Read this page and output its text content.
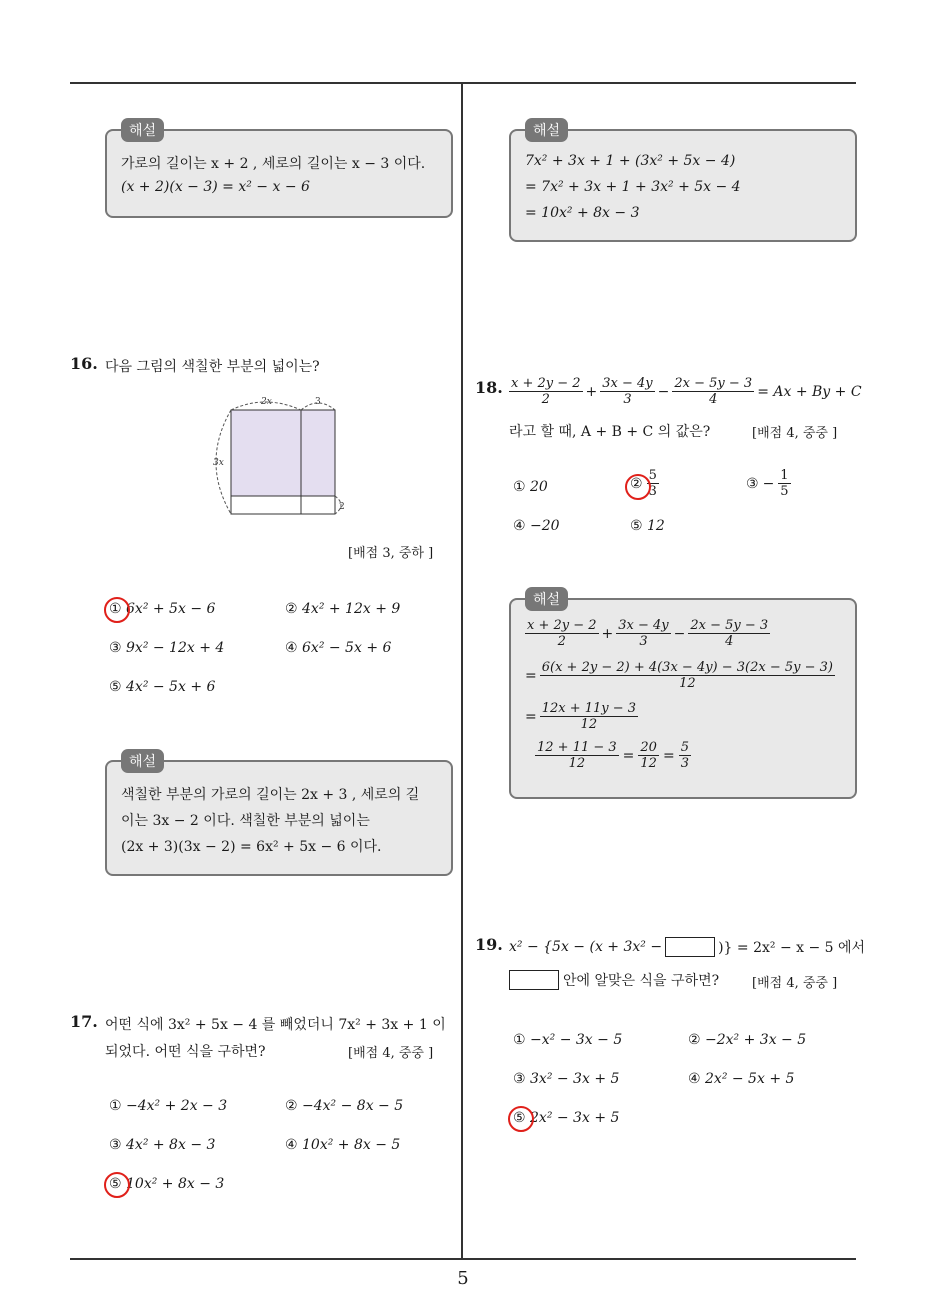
해설
가로의 길이는 x + 2 , 세로의 길이는 x − 3 이다.
(x + 2)(x − 3) = x² − x − 6
16. 다음 그림의 색칠한 부분의 넓이는?
2x	3
3x
2
[배점 3, 중하 ]
① 6x² + 5x − 6	② 4x² + 12x + 9
③ 9x² − 12x + 4	④ 6x² − 5x + 6
⑤ 4x² − 5x + 6
해설
색칠한 부분의 가로의 길이는 2x + 3 , 세로의 길
이는 3x − 2 이다. 색칠한 부분의 넓이는
(2x + 3)(3x − 2) = 6x² + 5x − 6 이다.
17. 어떤 식에 3x² + 5x − 4 를 빼었더니 7x² + 3x + 1 이
되었다. 어떤 식을 구하면?	[배점 4, 중중 ]
① −4x² + 2x − 3	② −4x² − 8x − 5
③ 4x² + 8x − 3	④ 10x² + 8x − 5
⑤ 10x² + 8x − 3
해설
7x² + 3x + 1 + (3x² + 5x − 4)
= 7x² + 3x + 1 + 3x² + 5x − 4
= 10x² + 8x − 3
18. $\frac{x + 2y - 2}{2} + \frac{3x - 4y}{3} - \frac{2x - 5y - 3}{4} = Ax + By + C$
라고 할 때, A + B + C 의 값은?	[배점 4, 중중 ]
① 20	② $\frac{5}{3}$	③ − $\frac{1}{5}$
④ −20	⑤ 12
해설
$\frac{x + 2y - 2}{2} + \frac{3x - 4y}{3} - \frac{2x - 5y - 3}{4}$
= $\frac{6(x + 2y - 2) + 4(3x - 4y) - 3(2x - 5y - 3)}{12}$
= $\frac{12x + 11y - 3}{12}$
$\frac{12 + 11 - 3}{12} = \frac{20}{12} = \frac{5}{3}$
19. x² − {5x − (x + 3x² −	)} = 2x² − x − 5 에서
안에 알맞은 식을 구하면?	[배점 4, 중중 ]
① −x² − 3x − 5	② −2x² + 3x − 5
③ 3x² − 3x + 5	④ 2x² − 5x + 5
⑤ 2x² − 3x + 5
5
